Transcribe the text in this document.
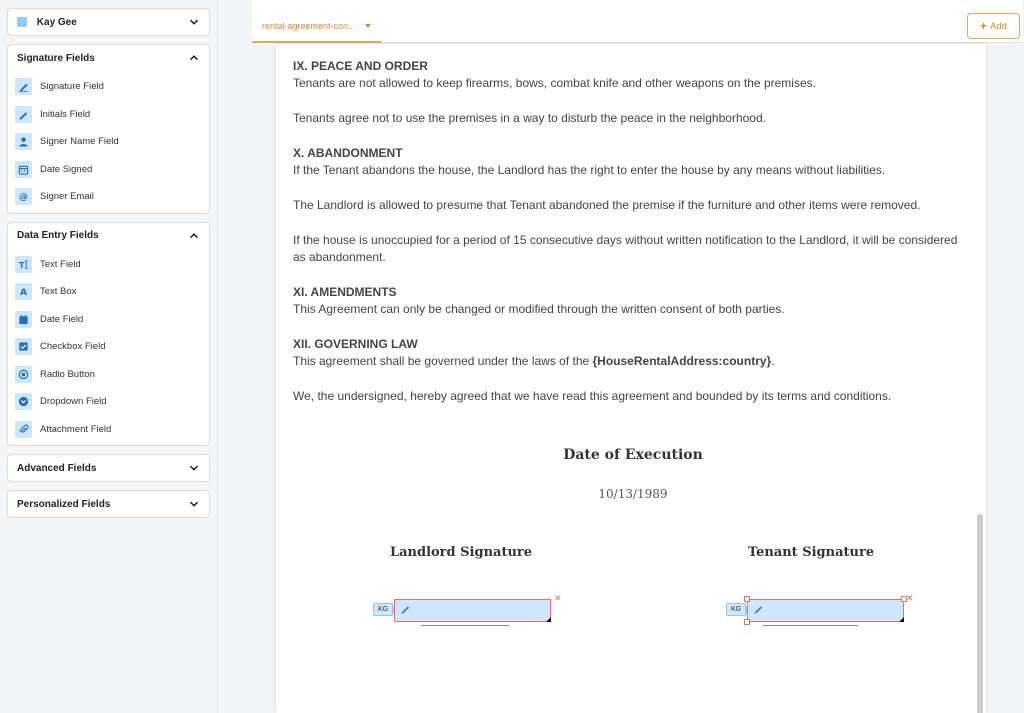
Kay Gee
Signature Fields
Signature Field
Initials Field
Signer Name Field
Date Signed
@ Signer Email
Data Entry Fields
T Text Field
A Text Box
Date Field
Checkbox Field
Radio Button
Dropdown Field
Attachment Field
Advanced Fields
Personalized Fields
rental-agreement-con...	+ Add
IX. PEACE AND ORDER
Tenants are not allowed to keep firearms, bows, combat knife and other weapons on the premises.
Tenants agree not to use the premises in a way to disturb the peace in the neighborhood.
X. ABANDONMENT
If the Tenant abandons the house, the Landlord has the right to enter the house by any means without liabilities.
The Landlord is allowed to presume that Tenant abandoned the premise if the furniture and other items were removed.
If the house is unoccupied for a period of 15 consecutive days without written notification to the Landlord, it will be considered as abandonment.
XI. AMENDMENTS
This Agreement can only be changed or modified through the written consent of both parties.
XII. GOVERNING LAW
This agreement shall be governed under the laws of the {HouseRentalAddress:country}.
We, the undersigned, hereby agreed that we have read this agreement and bounded by its terms and conditions.
Date of Execution
10/13/1989
Landlord Signature	Tenant Signature
KG
✕
KG
✕
